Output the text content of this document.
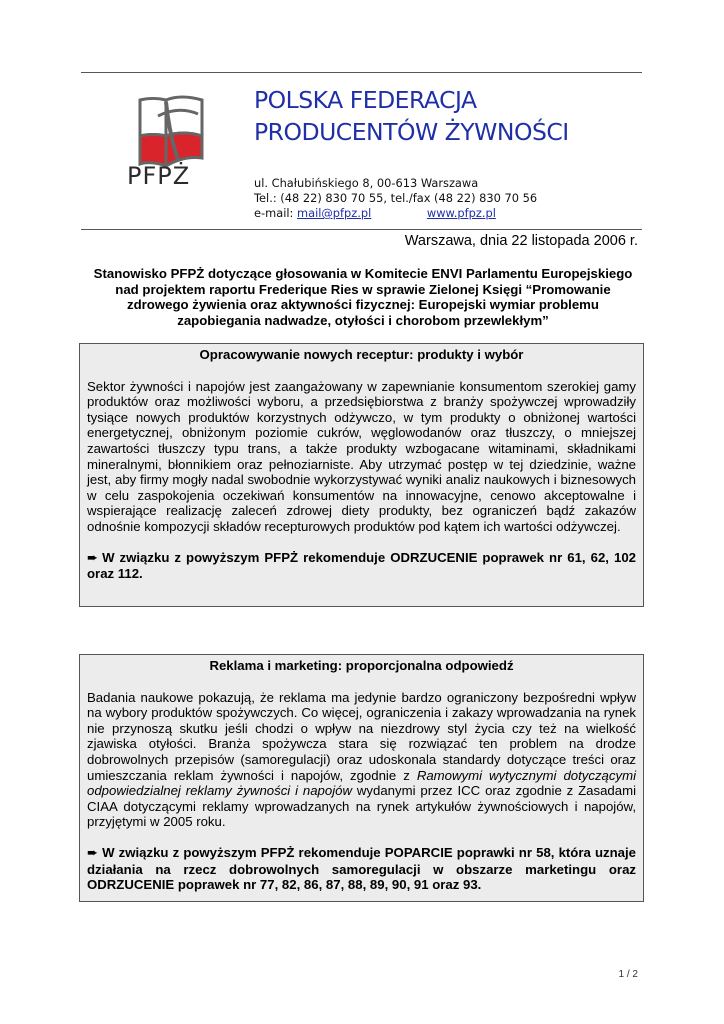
PFPŻ
POLSKA FEDERACJA
PRODUCENTÓW ŻYWNOŚCI
ul. Chałubińskiego 8, 00-613 Warszawa
Tel.: (48 22) 830 70 55, tel./fax (48 22) 830 70 56
e-mail: mail@pfpz.pl	www.pfpz.pl
Warszawa, dnia 22 listopada 2006 r.
Stanowisko PFPŻ dotyczące głosowania w Komitecie ENVI Parlamentu Europejskiego
nad projektem raportu Frederique Ries w sprawie Zielonej Księgi “Promowanie
zdrowego żywienia oraz aktywności fizycznej: Europejski wymiar problemu
zapobiegania nadwadze, otyłości i chorobom przewlekłym”
Opracowywanie nowych receptur: produkty i wybór

Sektor żywności i napojów jest zaangażowany w zapewnianie konsumentom szerokiej gamy produktów oraz możliwości wyboru, a przedsiębiorstwa z branży spożywczej wprowadziły tysiące nowych produktów korzystnych odżywczo, w tym produkty o obniżonej wartości energetycznej, obniżonym poziomie cukrów, węglowodanów oraz tłuszczy, o mniejszej zawartości tłuszczy typu trans, a także produkty wzbogacane witaminami, składnikami mineralnymi, błonnikiem oraz pełnoziarniste. Aby utrzymać postęp w tej dziedzinie, ważne jest, aby firmy mogły nadal swobodnie wykorzystywać wyniki analiz naukowych i biznesowych w celu zaspokojenia oczekiwań konsumentów na innowacyjne, cenowo akceptowalne i wspierające realizację zaleceń zdrowej diety produkty, bez ograniczeń bądź zakazów odnośnie kompozycji składów recepturowych produktów pod kątem ich wartości odżywczej.

➨ W związku z powyższym PFPŻ rekomenduje ODRZUCENIE poprawek nr 61, 62, 102 oraz 112.

Reklama i marketing: proporcjonalna odpowiedź

Badania naukowe pokazują, że reklama ma jedynie bardzo ograniczony bezpośredni wpływ na wybory produktów spożywczych. Co więcej, ograniczenia i zakazy wprowadzania na rynek nie przynoszą skutku jeśli chodzi o wpływ na niezdrowy styl życia czy też na wielkość zjawiska otyłości. Branża spożywcza stara się rozwiązać ten problem na drodze dobrowolnych przepisów (samoregulacji) oraz udoskonala standardy dotyczące treści oraz umieszczania reklam żywności i napojów, zgodnie z Ramowymi wytycznymi dotyczącymi odpowiedzialnej reklamy żywności i napojów wydanymi przez ICC oraz zgodnie z Zasadami CIAA dotyczącymi reklamy wprowadzanych na rynek artykułów żywnościowych i napojów, przyjętymi w 2005 roku.

➨ W związku z powyższym PFPŻ rekomenduje POPARCIE poprawki nr 58, która uznaje działania na rzecz dobrowolnych samoregulacji w obszarze marketingu oraz ODRZUCENIE poprawek nr 77, 82, 86, 87, 88, 89, 90, 91 oraz 93.

1 / 2
